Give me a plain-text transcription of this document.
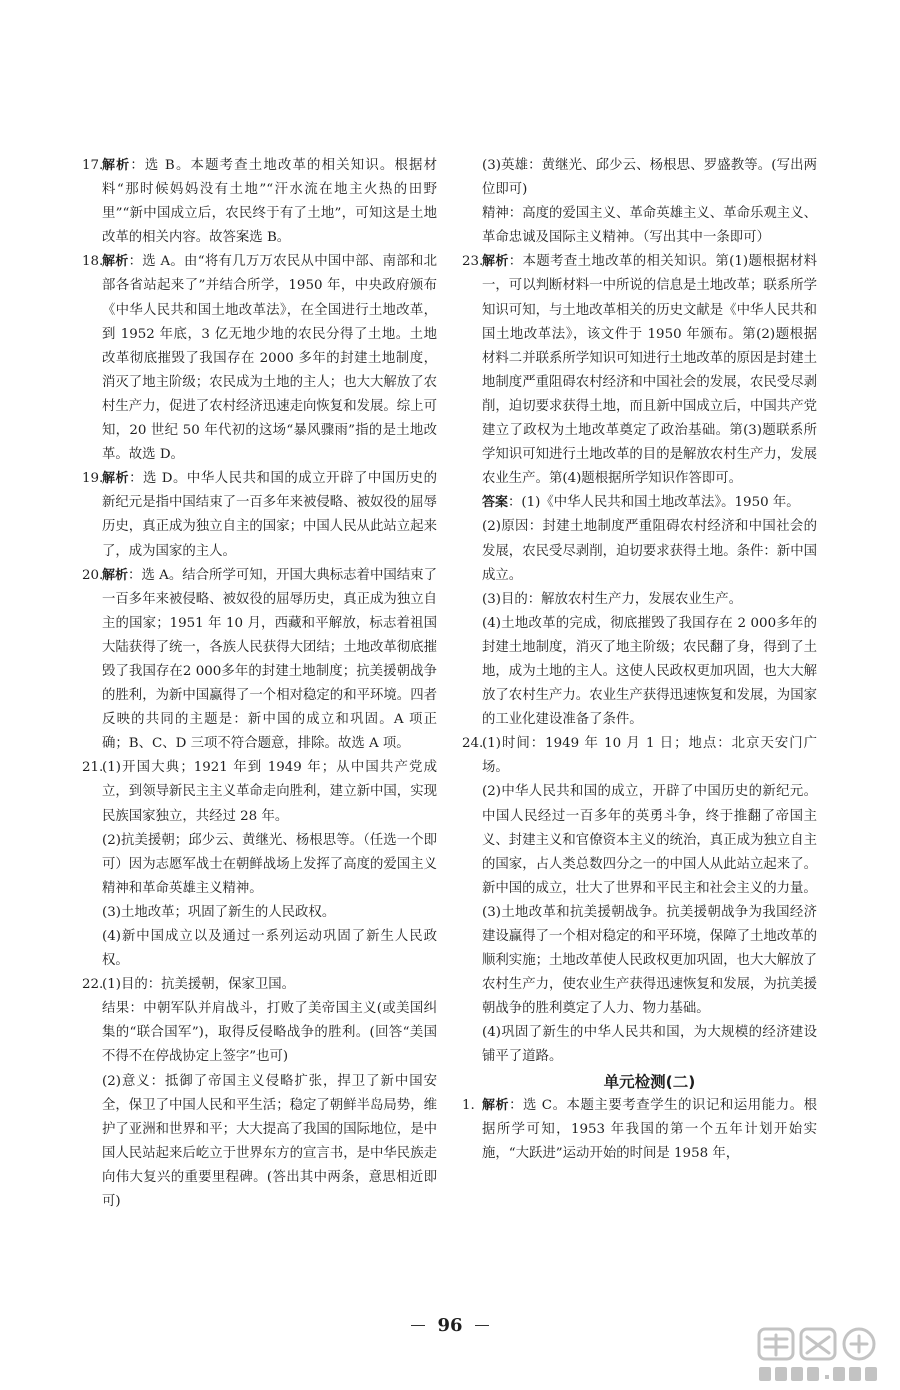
17.

解析：选 B。本题考查土地改革的相关知识。根据材料“那时候妈妈没有土地”“汗水流在地主火热的田野里”“新中国成立后，农民终于有了土地”，可知这是土地改革的相关内容。故答案选 B。

18.

解析：选 A。由“将有几万万农民从中国中部、南部和北部各省站起来了”并结合所学，1950 年，中央政府颁布《中华人民共和国土地改革法》，在全国进行土地改革，到 1952 年底，3 亿无地少地的农民分得了土地。土地改革彻底摧毁了我国存在 2000 多年的封建土地制度，消灭了地主阶级；农民成为土地的主人；也大大解放了农村生产力，促进了农村经济迅速走向恢复和发展。综上可知，20 世纪 50 年代初的这场“暴风骤雨”指的是土地改革。故选 D。

19.

解析：选 D。中华人民共和国的成立开辟了中国历史的新纪元是指中国结束了一百多年来被侵略、被奴役的屈辱历史，真正成为独立自主的国家；中国人民从此站立起来了，成为国家的主人。

20.

解析：选 A。结合所学可知，开国大典标志着中国结束了一百多年来被侵略、被奴役的屈辱历史，真正成为独立自主的国家；1951 年 10 月，西藏和平解放，标志着祖国大陆获得了统一，各族人民获得大团结；土地改革彻底摧毁了我国存在2 000多年的封建土地制度；抗美援朝战争的胜利，为新中国赢得了一个相对稳定的和平环境。四者反映的共同的主题是：新中国的成立和巩固。A 项正确；B、C、D 三项不符合题意，排除。故选 A 项。

21.

(1)开国大典；1921 年到 1949 年；从中国共产党成立，到领导新民主主义革命走向胜利，建立新中国，实现民族国家独立，共经过 28 年。

(2)抗美援朝；邱少云、黄继光、杨根思等。（任选一个即可）因为志愿军战士在朝鲜战场上发挥了高度的爱国主义精神和革命英雄主义精神。

(3)土地改革；巩固了新生的人民政权。

(4)新中国成立以及通过一系列运动巩固了新生人民政权。

22.

(1)目的：抗美援朝，保家卫国。

结果：中朝军队并肩战斗，打败了美帝国主义(或美国纠集的“联合国军”)，取得反侵略战争的胜利。(回答“美国不得不在停战协定上签字”也可)

(2)意义：抵御了帝国主义侵略扩张，捍卫了新中国安全，保卫了中国人民和平生活；稳定了朝鲜半岛局势，维护了亚洲和世界和平；大大提高了我国的国际地位，是中国人民站起来后屹立于世界东方的宣言书，是中华民族走向伟大复兴的重要里程碑。(答出其中两条，意思相近即可)

(3)英雄：黄继光、邱少云、杨根思、罗盛教等。(写出两位即可)

精神：高度的爱国主义、革命英雄主义、革命乐观主义、革命忠诚及国际主义精神。（写出其中一条即可）

23.

解析：本题考查土地改革的相关知识。第(1)题根据材料一，可以判断材料一中所说的信息是土地改革；联系所学知识可知，与土地改革相关的历史文献是《中华人民共和国土地改革法》，该文件于 1950 年颁布。第(2)题根据材料二并联系所学知识可知进行土地改革的原因是封建土地制度严重阻碍农村经济和中国社会的发展，农民受尽剥削，迫切要求获得土地，而且新中国成立后，中国共产党建立了政权为土地改革奠定了政治基础。第(3)题联系所学知识可知进行土地改革的目的是解放农村生产力，发展农业生产。第(4)题根据所学知识作答即可。

答案：(1)《中华人民共和国土地改革法》。1950 年。

(2)原因：封建土地制度严重阻碍农村经济和中国社会的发展，农民受尽剥削，迫切要求获得土地。条件：新中国成立。

(3)目的：解放农村生产力，发展农业生产。

(4)土地改革的完成，彻底摧毁了我国存在 2 000多年的封建土地制度，消灭了地主阶级；农民翻了身，得到了土地，成为土地的主人。这使人民政权更加巩固，也大大解放了农村生产力。农业生产获得迅速恢复和发展，为国家的工业化建设准备了条件。

24.

(1)时间：1949 年 10 月 1 日；地点：北京天安门广场。

(2)中华人民共和国的成立，开辟了中国历史的新纪元。中国人民经过一百多年的英勇斗争，终于推翻了帝国主义、封建主义和官僚资本主义的统治，真正成为独立自主的国家，占人类总数四分之一的中国人从此站立起来了。新中国的成立，壮大了世界和平民主和社会主义的力量。

(3)土地改革和抗美援朝战争。抗美援朝战争为我国经济建设赢得了一个相对稳定的和平环境，保障了土地改革的顺利实施；土地改革使人民政权更加巩固，也大大解放了农村生产力，使农业生产获得迅速恢复和发展，为抗美援朝战争的胜利奠定了人力、物力基础。

(4)巩固了新生的中华人民共和国，为大规模的经济建设铺平了道路。

单元检测(二)

1. 解析：选 C。本题主要考查学生的识记和运用能力。根据所学可知，1953 年我国的第一个五年计划开始实施，“大跃进”运动开始的时间是 1958 年，

96
